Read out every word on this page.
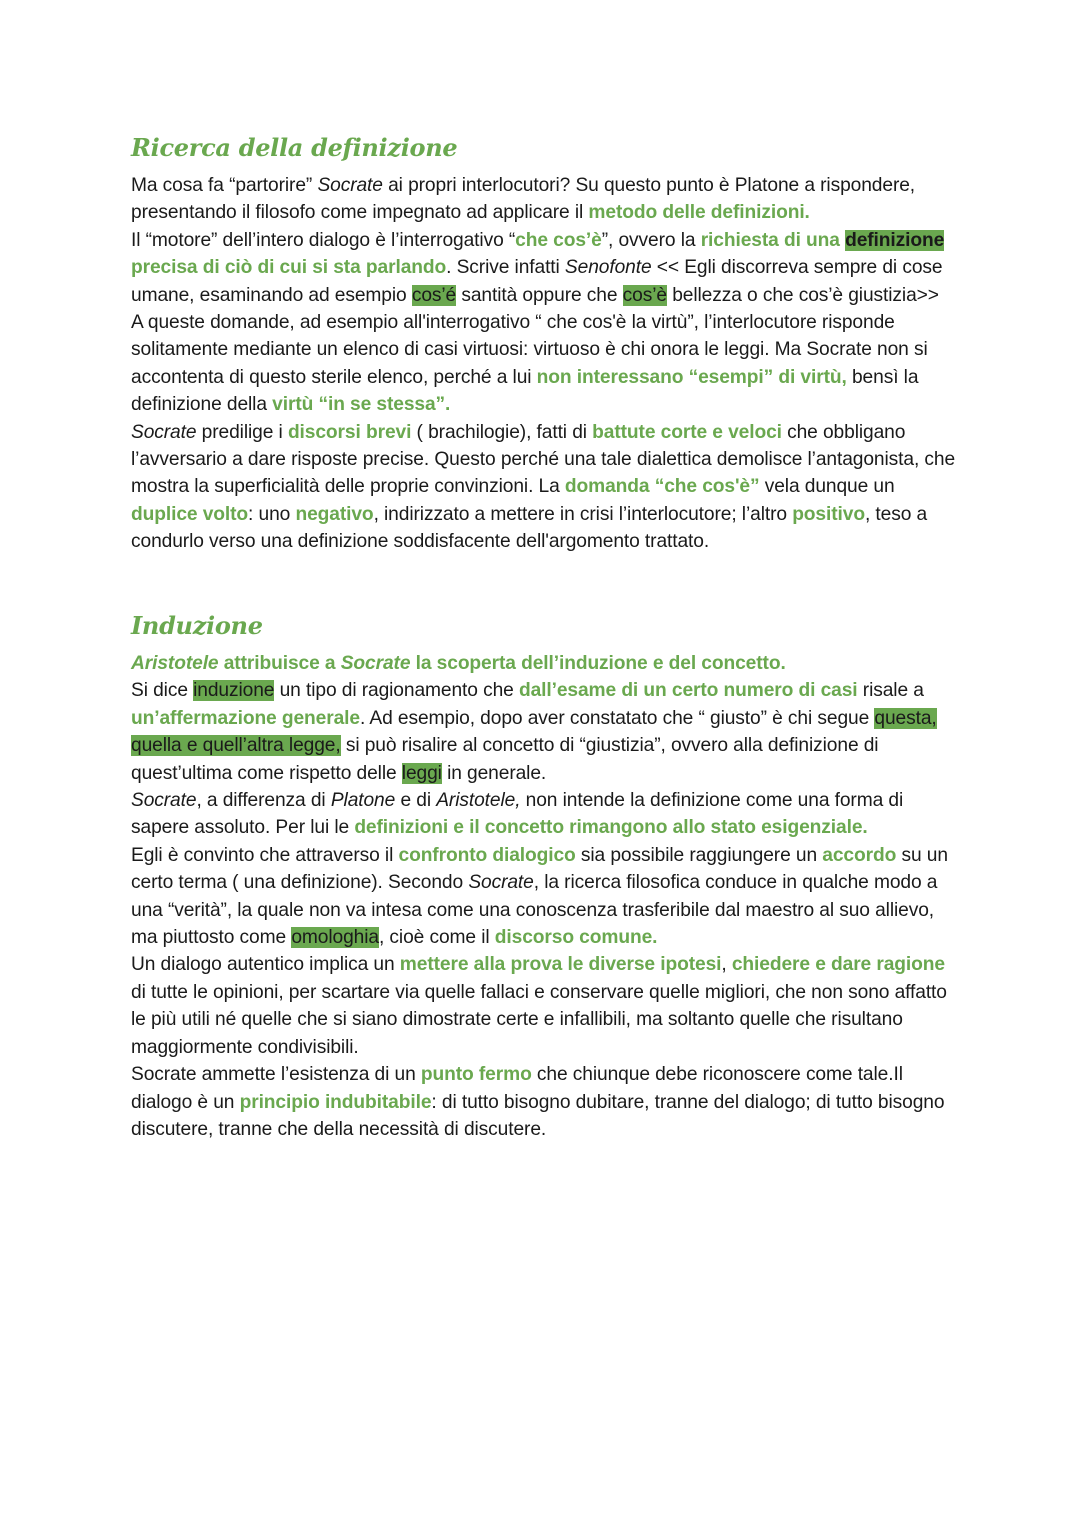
Ricerca della definizione

Ma cosa fa “partorire” Socrate ai propri interlocutori? Su questo punto è Platone a rispondere, presentando il filosofo come impegnato ad applicare il metodo delle definizioni.
Il “motore” dell’intero dialogo è l’interrogativo “che cos’è”, ovvero la richiesta di una definizione precisa di ciò di cui si sta parlando. Scrive infatti Senofonte << Egli discorreva sempre di cose umane, esaminando ad esempio cos’é santità oppure che cos’è bellezza o che cos’è giustizia>>
A queste domande, ad esempio all'interrogativo “ che cos'è la virtù”, l’interlocutore risponde solitamente mediante un elenco di casi virtuosi: virtuoso è chi onora le leggi. Ma Socrate non si accontenta di questo sterile elenco, perché a lui non interessano “esempi” di virtù, bensì la definizione della virtù “in se stessa”.
Socrate predilige i discorsi brevi ( brachilogie), fatti di battute corte e veloci che obbligano l’avversario a dare risposte precise. Questo perché una tale dialettica demolisce l’antagonista, che mostra la superficialità delle proprie convinzioni. La domanda “che cos'è” vela dunque un duplice volto: uno negativo, indirizzato a mettere in crisi l’interlocutore; l’altro positivo, teso a condurlo verso una definizione soddisfacente dell'argomento trattato.

Induzione

Aristotele attribuisce a Socrate la scoperta dell’induzione e del concetto.
Si dice induzione un tipo di ragionamento che dall’esame di un certo numero di casi risale a un’affermazione generale. Ad esempio, dopo aver constatato che “ giusto” è chi segue questa, quella e quell’altra legge, si può risalire al concetto di “giustizia”, ovvero alla definizione di quest’ultima come rispetto delle leggi in generale.
Socrate, a differenza di Platone e di Aristotele, non intende la definizione come una forma di sapere assoluto. Per lui le definizioni e il concetto rimangono allo stato esigenziale.
Egli è convinto che attraverso il confronto dialogico sia possibile raggiungere un accordo su un certo terma ( una definizione). Secondo Socrate, la ricerca filosofica conduce in qualche modo a una “verità”, la quale non va intesa come una conoscenza trasferibile dal maestro al suo allievo, ma piuttosto come omologhia, cioè come il discorso comune.
Un dialogo autentico implica un mettere alla prova le diverse ipotesi, chiedere e dare ragione di tutte le opinioni, per scartare via quelle fallaci e conservare quelle migliori, che non sono affatto le più utili né quelle che si siano dimostrate certe e infallibili, ma soltanto quelle che risultano maggiormente condivisibili.
Socrate ammette l’esistenza di un punto fermo che chiunque debe riconoscere come tale.Il dialogo è un principio indubitabile: di tutto bisogno dubitare, tranne del dialogo; di tutto bisogno discutere, tranne che della necessità di discutere.
